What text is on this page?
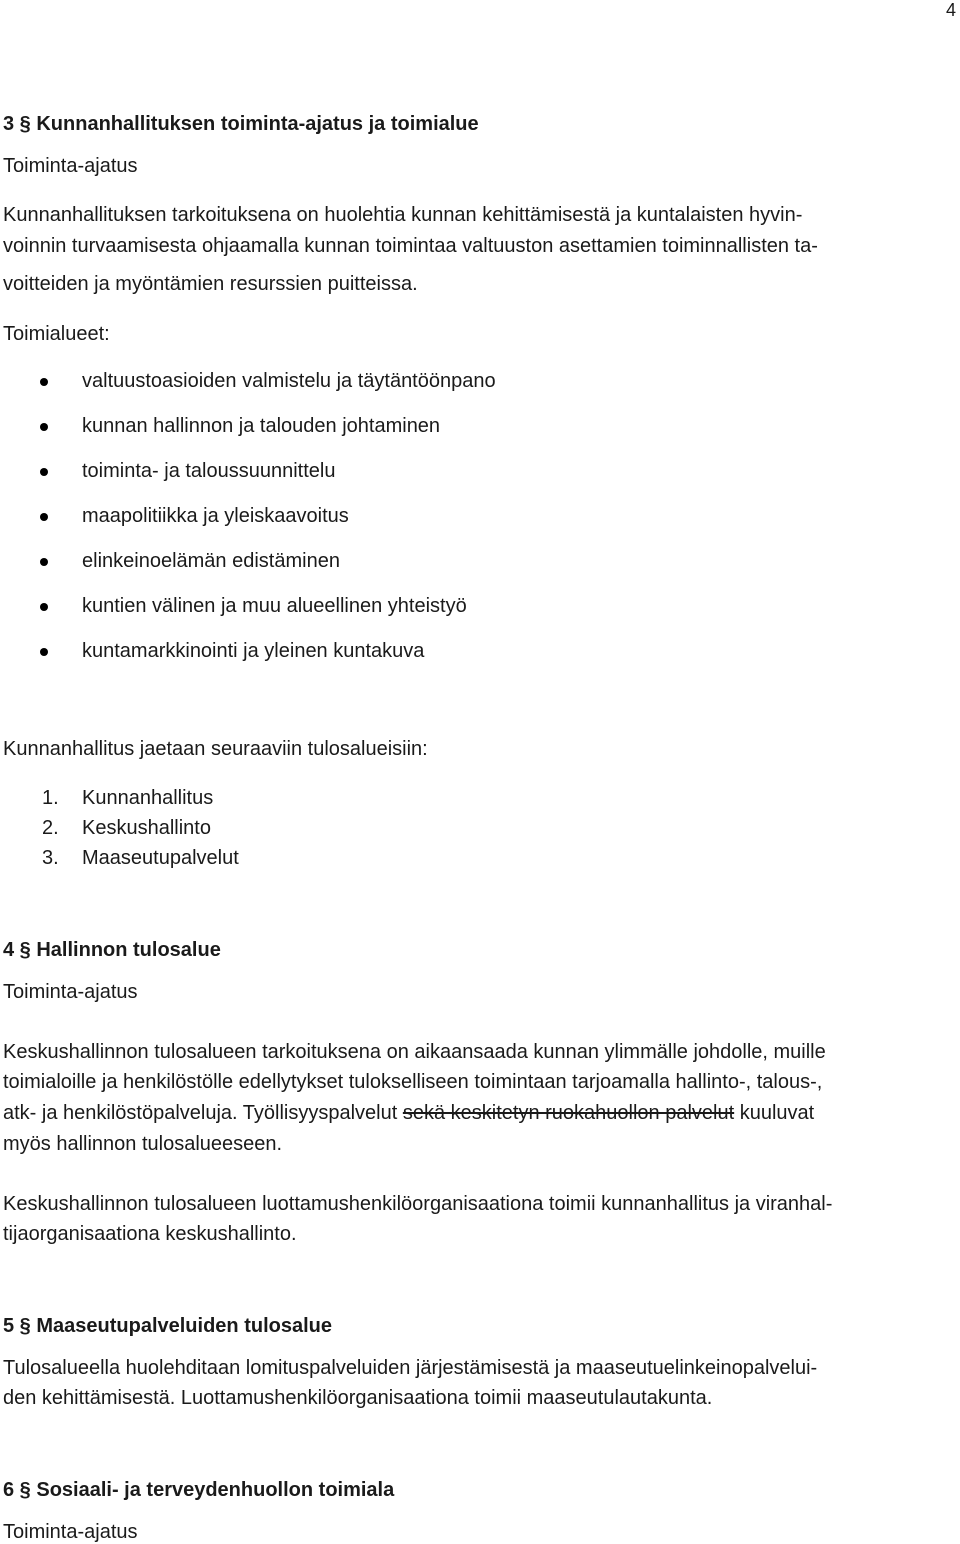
4
3 § Kunnanhallituksen toiminta-ajatus ja toimialue
Toiminta-ajatus
Kunnanhallituksen tarkoituksena on huolehtia kunnan kehittämisestä ja kuntalaisten hyvin-
voinnin turvaamisesta ohjaamalla kunnan toimintaa valtuuston asettamien toiminnallisten ta-
voitteiden ja myöntämien resurssien puitteissa.
Toimialueet:
valtuustoasioiden valmistelu ja täytäntöönpano
kunnan hallinnon ja talouden johtaminen
toiminta- ja taloussuunnittelu
maapolitiikka ja yleiskaavoitus
elinkeinoelämän edistäminen
kuntien välinen ja muu alueellinen yhteistyö
kuntamarkkinointi ja yleinen kuntakuva
Kunnanhallitus jaetaan seuraaviin tulosalueisiin:
1. Kunnanhallitus
2. Keskushallinto
3. Maaseutupalvelut
4 § Hallinnon tulosalue
Toiminta-ajatus
Keskushallinnon tulosalueen tarkoituksena on aikaansaada kunnan ylimmälle johdolle, muille
toimialoille ja henkilöstölle edellytykset tulokselliseen toimintaan tarjoamalla hallinto-, talous-,
atk- ja henkilöstöpalveluja. Työllisyyspalvelut sekä keskitetyn ruokahuollon palvelut kuuluvat
myös hallinnon tulosalueeseen.
Keskushallinnon tulosalueen luottamushenkilöorganisaationa toimii kunnanhallitus ja viranhal-
tijaorganisaationa keskushallinto.
5 § Maaseutupalveluiden tulosalue
Tulosalueella huolehditaan lomituspalveluiden järjestämisestä ja maaseutuelinkeinopalvelui-
den kehittämisestä. Luottamushenkilöorganisaationa toimii maaseutulautakunta.
6 § Sosiaali- ja terveydenhuollon toimiala
Toiminta-ajatus
